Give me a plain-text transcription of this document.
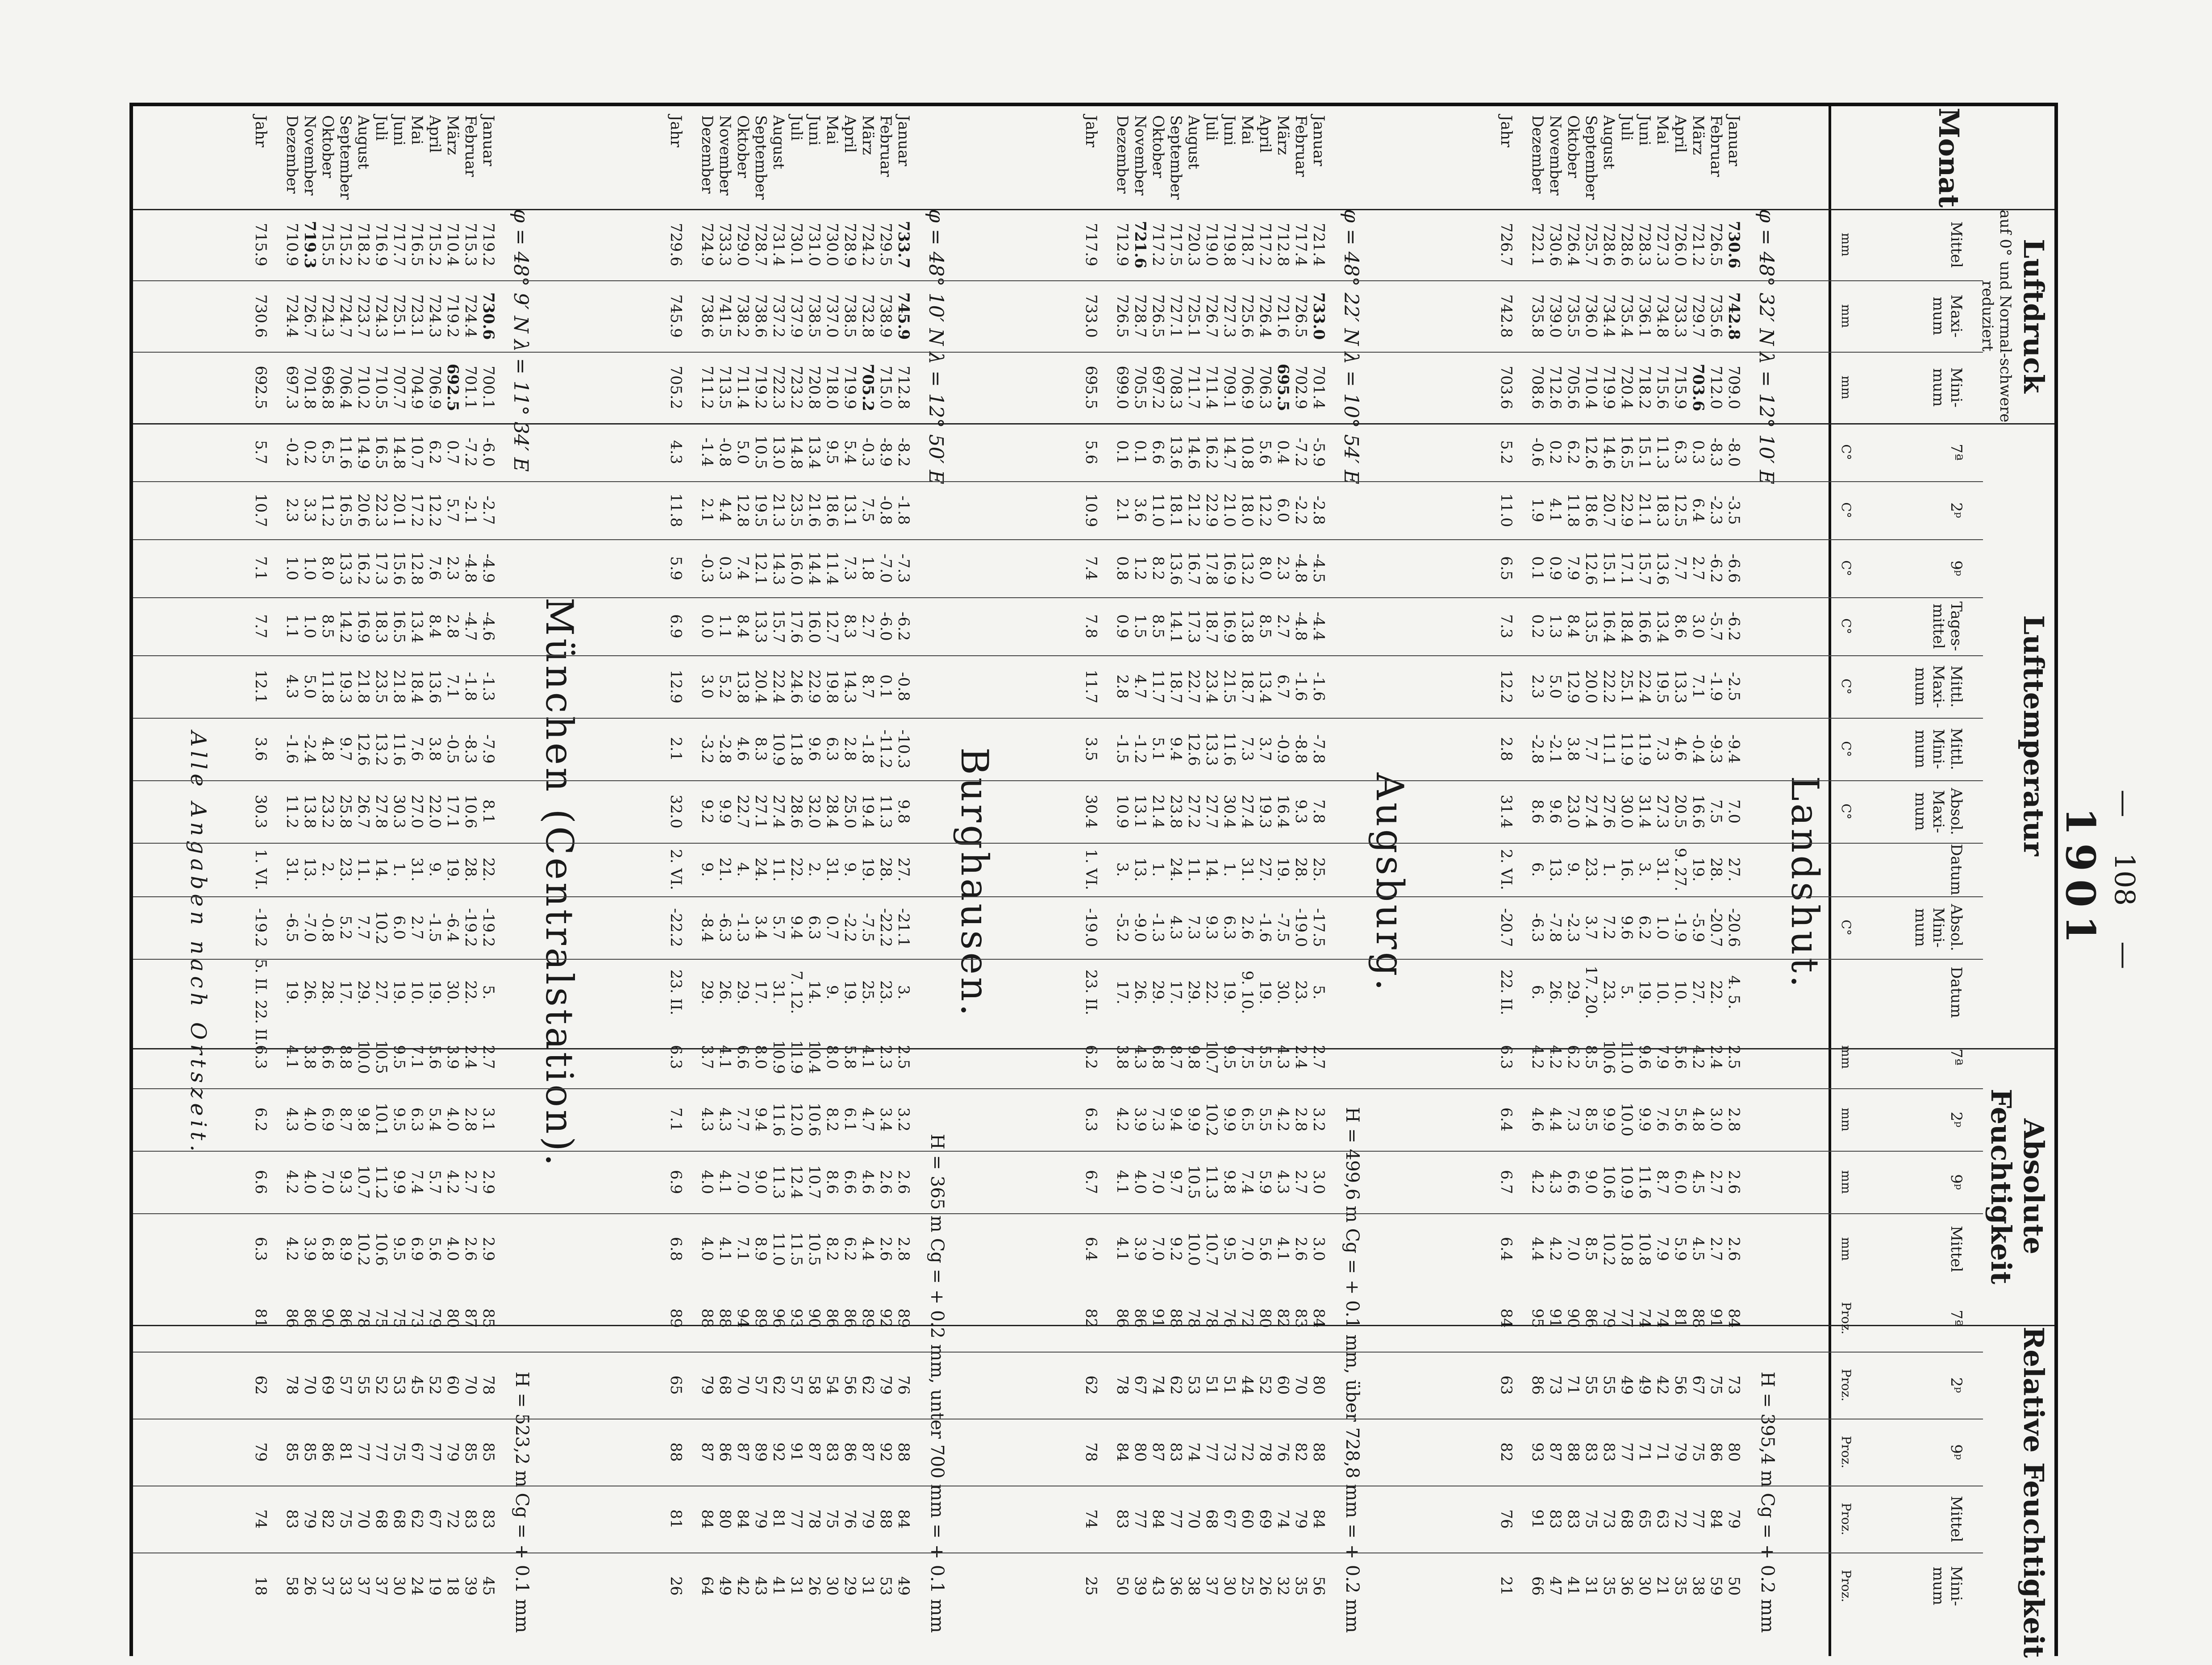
—
108
—
1901
Monat
Luftdruck
auf 0° und Normal-schwere reduziert
Lufttemperatur
Absolute Feuchtigkeit
Relative Feuchtigkeit
Mittel
mm
Maxi-mum
mm
Mini-mum
mm
7ª
C°
2ᵖ
C°
9ᵖ
C°
Tages-mittel
C°
Mittl. Maxi-mum
C°
Mittl. Mini-mum
C°
Absol. Maxi-mum
C°
Datum
Absol. Mini-mum
C°
Datum
7ª
mm
2ᵖ
mm
9ᵖ
mm
Mittel
mm
7ª
Proz.
2ᵖ
Proz.
9ᵖ
Proz.
Mittel
Proz.
Mini-mum
Proz.
Landshut.
H = 395,4 m Cg = + 0.2 mm
φ = 48° 32′ N λ = 12° 10′ E
Januar
730.6
742.8
709.0
-8.0
-3.5
-6.6
-6.2
-2.5
-9.4
7.0
27.
-20.6
4. 5.
2.5
2.8
2.6
2.6
84
73
80
79
50
Februar
726.5
735.6
712.0
-8.3
-2.3
-6.2
-5.7
-1.9
-9.3
7.5
28.
-20.7
22.
2.4
3.0
2.7
2.7
91
75
86
84
59
März
721.2
729.7
703.6
0.3
6.4
2.7
3.0
7.1
-0.4
16.6
19.
-5.9
27.
4.2
4.8
4.5
4.5
88
67
75
77
38
April
726.0
733.3
715.9
6.3
12.5
7.7
8.6
13.3
4.6
20.5
9. 27.
-1.9
10.
5.6
5.6
6.0
5.9
81
56
79
72
35
Mai
727.3
734.8
715.6
11.3
18.3
13.6
13.4
19.5
7.3
27.3
31.
1.0
10.
7.9
7.6
8.7
7.9
74
42
71
63
21
Juni
728.3
736.1
718.2
15.1
21.1
15.7
16.6
22.4
11.9
31.4
3.
6.2
19.
9.6
9.9
11.6
10.8
74
49
71
65
30
Juli
728.6
735.4
720.4
16.5
22.9
17.1
18.4
25.1
11.9
30.0
16.
9.6
5.
11.0
10.0
10.9
10.8
77
49
77
68
36
August
728.6
734.4
719.9
14.6
20.7
15.1
16.4
22.2
11.1
27.6
1.
7.2
23.
10.6
9.9
10.6
10.2
79
55
83
73
35
September
725.7
736.0
710.4
12.6
18.6
12.6
13.5
20.0
7.7
27.4
23.
3.7
17. 20.
8.5
8.5
9.0
8.5
86
55
83
75
31
Oktober
726.4
735.5
705.6
6.2
11.8
7.9
8.4
12.9
3.8
23.0
9.
-2.3
29.
6.2
7.3
6.6
7.0
90
71
88
83
41
November
730.6
739.0
712.6
0.2
4.1
0.9
1.3
5.0
-2.1
9.6
13.
-7.8
26.
4.2
4.4
4.3
4.2
91
73
87
83
47
Dezember
722.1
735.8
708.6
-0.6
1.9
0.1
0.2
2.3
-2.8
8.6
6.
-6.3
6.
4.2
4.6
4.2
4.4
95
86
93
91
66
Jahr
726.7
742.8
703.6
5.2
11.0
6.5
7.3
12.2
2.8
31.4
2. VI.
-20.7
22. II.
6.3
6.4
6.7
6.4
84
63
82
76
21
Augsburg.
H = 499,6 m Cg = + 0.1 mm, über 728,8 mm = + 0.2 mm
φ = 48° 22′ N λ = 10° 54′ E
Januar
721.4
733.0
701.4
-5.9
-2.8
-4.5
-4.4
-1.6
-7.8
7.8
25.
-17.5
5.
2.7
3.2
3.0
3.0
84
80
88
84
56
Februar
717.4
726.5
702.9
-7.2
-2.2
-4.8
-4.8
-1.6
-8.8
9.3
28.
-19.0
23.
2.4
2.8
2.7
2.6
83
70
82
79
35
März
712.8
721.6
695.5
0.4
6.0
2.3
2.7
6.7
-0.9
16.4
19.
-7.5
30.
4.3
4.2
4.3
4.1
82
60
76
74
32
April
717.2
726.4
706.3
5.6
12.2
8.0
8.5
13.4
3.7
19.3
27.
-1.6
19.
5.5
5.5
5.9
5.6
80
52
78
69
26
Mai
718.7
725.6
706.9
10.8
18.0
13.2
13.8
18.7
7.3
27.4
31.
2.6
9. 10.
7.5
6.5
7.4
7.0
72
44
72
60
25
Juni
719.8
727.3
709.1
14.7
21.0
16.9
16.9
21.5
11.6
30.4
1.
6.3
19.
9.5
9.9
9.8
9.5
76
51
73
67
30
Juli
719.0
726.7
711.4
16.2
22.9
17.8
18.7
23.4
13.3
27.7
14.
9.3
22.
10.7
10.2
11.3
10.7
78
51
77
68
37
August
720.3
725.1
711.7
14.6
21.2
16.7
17.3
22.7
12.6
27.2
11.
7.3
29.
9.8
9.9
10.5
10.0
78
53
74
70
38
September
717.5
727.1
708.3
13.6
18.1
13.6
14.1
18.7
9.4
23.8
24.
4.3
17.
8.7
9.4
9.7
9.2
88
62
83
77
36
Oktober
717.2
726.5
697.2
6.6
11.0
8.2
8.5
11.7
5.1
21.4
1.
-1.3
29.
6.8
7.3
7.0
7.0
91
74
87
84
43
November
721.6
728.7
705.5
0.1
3.6
1.2
1.5
4.7
-1.2
13.1
13.
-9.0
26.
4.3
3.9
4.0
3.9
86
67
80
77
39
Dezember
712.9
726.5
699.0
0.1
2.1
0.8
0.9
2.8
-1.5
10.9
3.
-5.2
17.
3.8
4.2
4.1
4.1
86
78
84
83
50
Jahr
717.9
733.0
695.5
5.6
10.9
7.4
7.8
11.7
3.5
30.4
1. VI.
-19.0
23. II.
6.2
6.3
6.7
6.4
82
62
78
74
25
Burghausen.
H = 365 m Cg = + 0.2 mm, unter 700 mm = + 0.1 mm
φ = 48° 10′ N λ = 12° 50′ E
Januar
733.7
745.9
712.8
-8.2
-1.8
-7.3
-6.2
-0.8
-10.3
9.8
27.
-21.1
3.
2.5
3.2
2.6
2.8
89
76
88
84
49
Februar
729.5
738.9
715.0
-8.9
-0.8
-7.0
-6.0
0.1
-11.2
11.3
28.
-22.2
23.
2.3
3.4
2.6
2.6
92
79
92
88
53
März
724.2
732.8
705.2
-0.3
7.5
1.8
2.7
8.7
-1.8
19.4
19.
-7.5
25.
4.1
4.7
4.6
4.4
89
62
87
79
31
April
728.9
738.5
719.9
5.4
13.1
7.3
8.3
14.3
2.8
25.0
9.
-2.2
19.
5.8
6.1
6.6
6.2
86
56
86
76
29
Mai
730.0
737.0
718.0
9.5
18.6
11.4
12.7
19.8
6.3
28.4
31.
0.7
9.
8.0
8.2
8.6
8.2
86
54
83
75
30
Juni
731.0
738.5
720.8
13.4
21.6
14.4
16.0
22.9
9.6
32.0
2.
6.3
14.
10.4
10.6
10.7
10.5
90
58
87
78
26
Juli
730.1
737.9
723.2
14.8
23.5
16.0
17.6
24.6
11.8
28.6
22.
9.4
7. 12.
11.9
12.0
12.4
11.5
93
57
91
77
31
August
731.4
737.2
722.3
13.0
21.3
14.3
15.7
22.4
10.9
27.4
11.
5.7
31.
10.9
11.6
11.3
11.0
96
62
92
81
41
September
728.7
738.6
719.2
10.5
19.5
12.1
13.3
20.4
8.3
27.1
24.
3.4
17.
8.0
9.4
9.0
8.9
89
57
89
79
43
Oktober
729.0
738.2
711.4
5.0
12.8
7.4
8.4
13.8
4.6
22.7
4.
-1.3
29.
6.6
7.7
7.0
7.1
94
70
87
84
42
November
733.3
741.5
713.5
-0.8
4.4
0.3
1.1
5.2
-2.8
9.9
21.
-6.3
26.
4.1
4.3
4.1
4.1
88
68
86
80
49
Dezember
724.9
738.6
711.2
-1.4
2.1
-0.3
0.0
3.0
-3.2
9.2
9.
-8.4
29.
3.7
4.3
4.0
4.0
88
79
87
84
64
Jahr
729.6
745.9
705.2
4.3
11.8
5.9
6.9
12.9
2.1
32.0
2. VI.
-22.2
23. II.
6.3
7.1
6.9
6.8
89
65
88
81
26
München (Centralstation).
H = 523,2 m Cg = + 0.1 mm
φ = 48° 9′ N λ = 11° 34′ E
Januar
719.2
730.6
700.1
-6.0
-2.7
-4.9
-4.6
-1.3
-7.9
8.1
22.
-19.2
5.
2.7
3.1
2.9
2.9
85
78
85
83
45
Februar
715.3
724.4
701.1
-7.2
-2.1
-4.8
-4.7
-1.8
-8.3
10.6
28.
-19.2
22.
2.4
2.8
2.7
2.6
87
70
85
83
39
März
710.4
719.2
692.5
0.7
5.7
2.3
2.8
7.1
-0.5
17.1
19.
-6.4
30.
3.9
4.0
4.2
4.0
80
60
79
72
18
April
715.2
724.3
706.9
6.2
12.2
7.6
8.4
13.6
3.8
22.0
9.
-1.5
19.
5.6
5.4
5.7
5.6
79
52
77
67
19
Mai
716.5
723.1
704.9
10.7
17.2
12.8
13.4
18.4
7.6
27.0
31.
2.7
10.
7.1
6.3
7.4
6.9
73
45
67
62
24
Juni
717.7
725.1
707.7
14.8
20.1
15.6
16.5
21.8
11.6
30.3
1.
6.0
19.
9.5
9.5
9.9
9.5
75
53
75
68
30
Juli
716.9
724.3
710.5
16.5
22.3
17.3
18.3
23.5
13.2
27.8
14.
10.2
27.
10.5
10.1
11.2
10.6
75
52
77
68
37
August
718.2
723.7
710.2
14.9
20.6
16.2
16.9
21.8
12.6
26.7
11.
7.7
29.
10.0
9.8
10.7
10.2
78
55
77
70
37
September
715.2
724.7
706.4
11.6
16.5
13.3
14.2
19.3
9.7
25.8
23.
5.2
17.
8.8
8.7
9.3
8.9
86
57
81
75
33
Oktober
715.5
724.3
696.8
6.5
11.2
8.0
8.5
11.8
4.8
23.2
2.
-0.8
28.
6.6
6.9
7.0
6.8
90
69
86
82
37
November
719.3
726.7
701.8
0.2
3.3
1.0
1.0
5.0
-2.4
13.8
13.
-7.0
26.
3.8
4.0
4.0
3.9
86
70
85
79
26
Dezember
710.9
724.4
697.3
-0.2
2.3
1.0
1.1
4.3
-1.6
11.2
31.
-6.5
19.
4.1
4.3
4.2
4.2
86
78
85
83
58
Jahr
715.9
730.6
692.5
5.7
10.7
7.1
7.7
12.1
3.6
30.3
1. VI.
-19.2
5. II. 22. II.
6.3
6.2
6.6
6.3
81
62
79
74
18
Alle Angaben nach Ortszeit.
